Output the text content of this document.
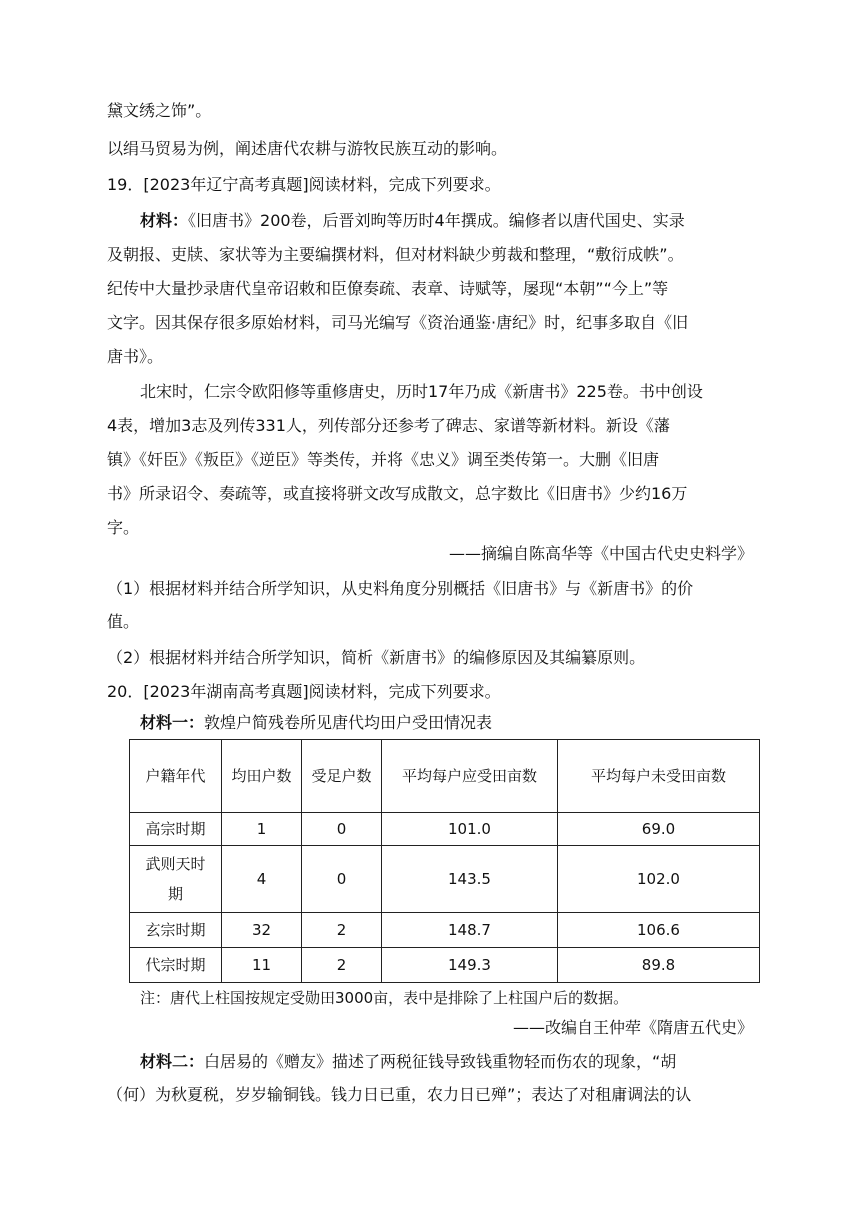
黛文绣之饰”。
以绢马贸易为例，阐述唐代农耕与游牧民族互动的影响。
19．[2023年辽宁高考真题]阅读材料，完成下列要求。
材料：《旧唐书》200卷，后晋刘昫等历时4年撰成。编修者以唐代国史、实录
及朝报、吏牍、家状等为主要编撰材料，但对材料缺少剪裁和整理，“敷衍成帙”。
纪传中大量抄录唐代皇帝诏敕和臣僚奏疏、表章、诗赋等，屡现“本朝”“今上”等
文字。因其保存很多原始材料，司马光编写《资治通鉴·唐纪》时，纪事多取自《旧
唐书》。
北宋时，仁宗令欧阳修等重修唐史，历时17年乃成《新唐书》225卷。书中创设
4表，增加3志及列传331人，列传部分还参考了碑志、家谱等新材料。新设《藩
镇》《奸臣》《叛臣》《逆臣》等类传，并将《忠义》调至类传第一。大删《旧唐
书》所录诏令、奏疏等，或直接将骈文改写成散文，总字数比《旧唐书》少约16万
字。
——摘编自陈高华等《中国古代史史料学》
（1）根据材料并结合所学知识，从史料角度分别概括《旧唐书》与《新唐书》的价
值。
（2）根据材料并结合所学知识，简析《新唐书》的编修原因及其编纂原则。
20．[2023年湖南高考真题]阅读材料，完成下列要求。
材料一：敦煌户简残卷所见唐代均田户受田情况表
户籍年代	均田户数	受足户数	平均每户应受田亩数	平均每户未受田亩数
高宗时期	1	0	101.0	69.0
武则天时期	4	0	143.5	102.0
玄宗时期	32	2	148.7	106.6
代宗时期	11	2	149.3	89.8
注：唐代上柱国按规定受勋田3000亩，表中是排除了上柱国户后的数据。
——改编自王仲荦《隋唐五代史》
材料二：白居易的《赠友》描述了两税征钱导致钱重物轻而伤农的现象，“胡
（何）为秋夏税，岁岁输铜钱。钱力日已重，农力日已殚”；表达了对租庸调法的认
